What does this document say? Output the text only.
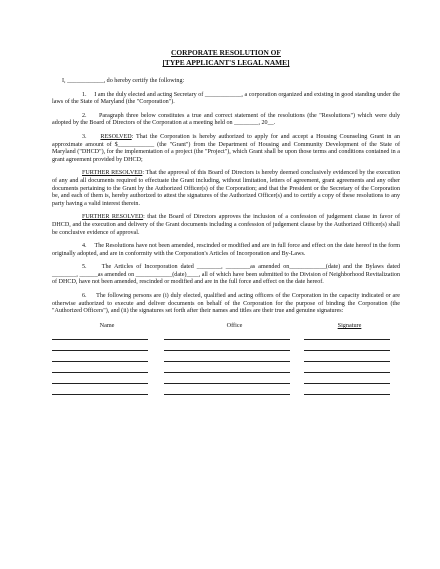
CORPORATE RESOLUTION OF
[TYPE APPLICANT'S LEGAL NAME]

I, ____________, do hereby certify the following:

1. I am the duly elected and acting Secretary of ____________, a corporation organized and existing in good standing under the laws of the State of Maryland (the "Corporation").

2. Paragraph three below constitutes a true and correct statement of the resolutions (the "Resolutions") which were duly adopted by the Board of Directors of the Corporation at a meeting held on ________, 20__.

3. RESOLVED: That the Corporation is hereby authorized to apply for and accept a Housing Counseling Grant in an approximate amount of $____________ (the "Grant") from the Department of Housing and Community Development of the State of Maryland ("DHCD"), for the implementation of a project (the "Project"), which Grant shall be upon those terms and conditions contained in a grant agreement provided by DHCD;

FURTHER RESOLVED: That the approval of this Board of Directors is hereby deemed conclusively evidenced by the execution of any and all documents required to effectuate the Grant including, without limitation, letters of agreement, grant agreements and any other documents pertaining to the Grant by the Authorized Officer(s) of the Corporation; and that the President or the Secretary of the Corporation be, and each of them is, hereby authorized to attest the signatures of the Authorized Officer(s) and to certify a copy of these resolutions to any party having a valid interest therein.

FURTHER RESOLVED: that the Board of Directors approves the inclusion of a confession of judgement clause in favor of DHCD, and the execution and delivery of the Grant documents including a confession of judgement clause by the Authorized Officer(s) shall be conclusive evidence of approval.

4. The Resolutions have not been amended, rescinded or modified and are in full force and effect on the date hereof in the form originally adopted, and are in conformity with the Corporation's Articles of Incorporation and By-Laws.

5. The Articles of Incorporation dated ________, ________as amended on____________(date) and the Bylaws dated ________, ______as amended on ____________(date)____, all of which have been submitted to the Division of Neighborhood Revitalization of DHCD, have not been amended, rescinded or modified and are in the full force and effect on the date hereof.

6. The following persons are (i) duly elected, qualified and acting officers of the Corporation in the capacity indicated or are otherwise authorized to execute and deliver documents on behalf of the Corporation for the purpose of binding the Corporation (the "Authorized Officers"), and (ii) the signatures set forth after their names and titles are their true and genuine signatures:

Name	Office	Signature
